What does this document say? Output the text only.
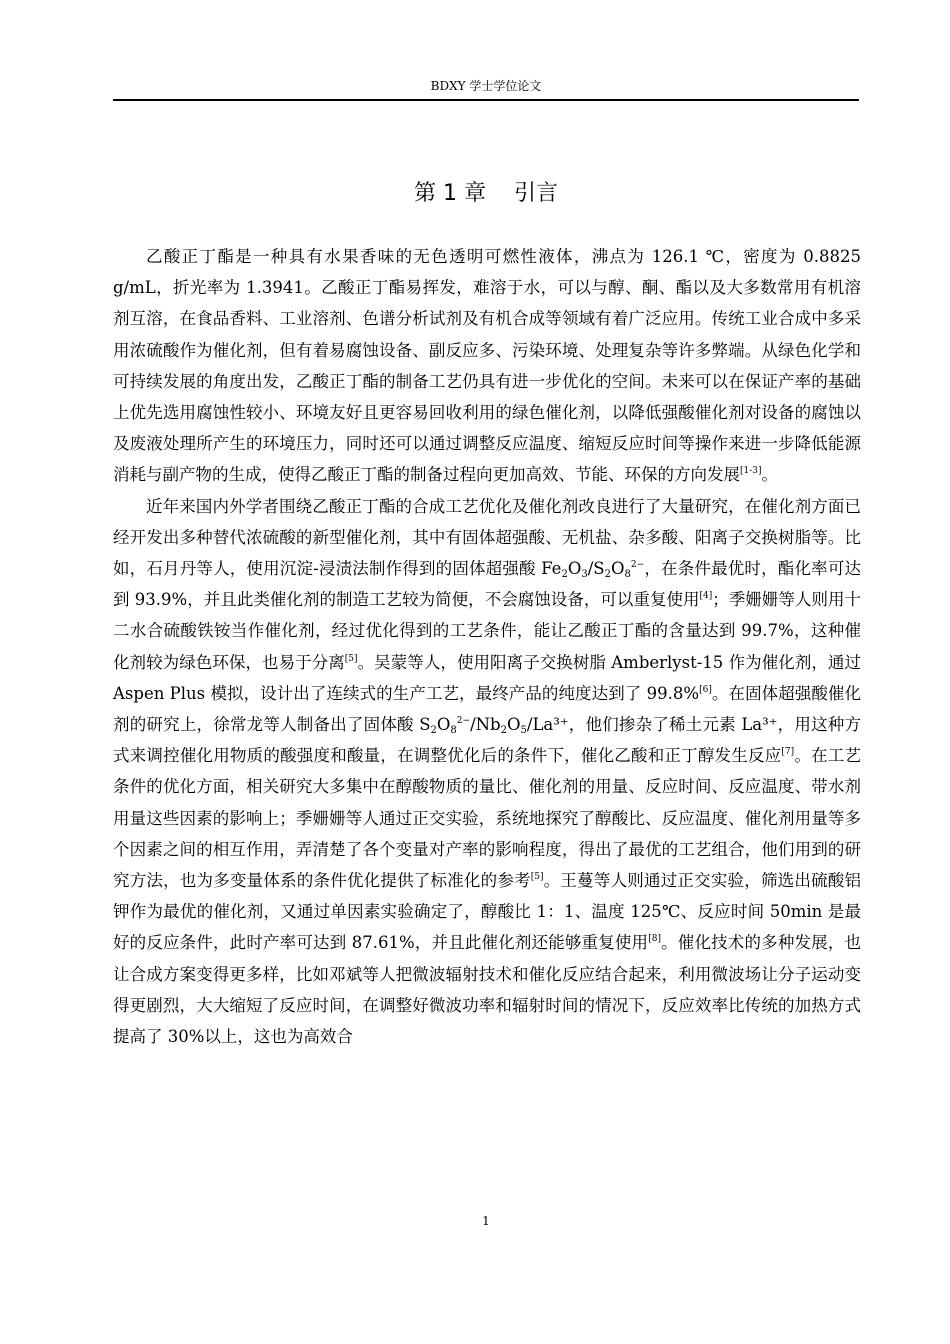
BDXY 学士学位论文
第 1 章 引言

乙酸正丁酯是一种具有水果香味的无色透明可燃性液体，沸点为 126.1 ℃，密度为 0.8825 g/mL，折光率为 1.3941。乙酸正丁酯易挥发，难溶于水，可以与醇、酮、酯以及大多数常用有机溶剂互溶，在食品香料、工业溶剂、色谱分析试剂及有机合成等领域有着广泛应用。传统工业合成中多采用浓硫酸作为催化剂，但有着易腐蚀设备、副反应多、污染环境、处理复杂等许多弊端。从绿色化学和可持续发展的角度出发，乙酸正丁酯的制备工艺仍具有进一步优化的空间。未来可以在保证产率的基础上优先选用腐蚀性较小、环境友好且更容易回收利用的绿色催化剂，以降低强酸催化剂对设备的腐蚀以及废液处理所产生的环境压力，同时还可以通过调整反应温度、缩短反应时间等操作来进一步降低能源消耗与副产物的生成，使得乙酸正丁酯的制备过程向更加高效、节能、环保的方向发展[1-3]。

近年来国内外学者围绕乙酸正丁酯的合成工艺优化及催化剂改良进行了大量研究，在催化剂方面已经开发出多种替代浓硫酸的新型催化剂，其中有固体超强酸、无机盐、杂多酸、阳离子交换树脂等。比如，石月丹等人，使用沉淀-浸渍法制作得到的固体超强酸 $Fe_2O_3/S_2O_8^{2-}$，在条件最优时，酯化率可达到 93.9%，并且此类催化剂的制造工艺较为简便，不会腐蚀设备，可以重复使用[4]；季姗姗等人则用十二水合硫酸铁铵当作催化剂，经过优化得到的工艺条件，能让乙酸正丁酯的含量达到 99.7%，这种催化剂较为绿色环保，也易于分离[5]。吴蒙等人，使用阳离子交换树脂 Amberlyst-15 作为催化剂，通过 Aspen Plus 模拟，设计出了连续式的生产工艺，最终产品的纯度达到了 99.8%[6]。在固体超强酸催化剂的研究上，徐常龙等人制备出了固体酸 $S_2O_8^{2-}/Nb_2O_5/La^{3+}$，他们掺杂了稀土元素 La³⁺，用这种方式来调控催化用物质的酸强度和酸量，在调整优化后的条件下，催化乙酸和正丁醇发生反应[7]。在工艺条件的优化方面，相关研究大多集中在醇酸物质的量比、催化剂的用量、反应时间、反应温度、带水剂用量这些因素的影响上；季姗姗等人通过正交实验，系统地探究了醇酸比、反应温度、催化剂用量等多个因素之间的相互作用，弄清楚了各个变量对产率的影响程度，得出了最优的工艺组合，他们用到的研究方法，也为多变量体系的条件优化提供了标准化的参考[5]。王蔓等人则通过正交实验，筛选出硫酸铝钾作为最优的催化剂，又通过单因素实验确定了，醇酸比 1：1、温度 125℃、反应时间 50min 是最好的反应条件，此时产率可达到 87.61%，并且此催化剂还能够重复使用[8]。催化技术的多种发展，也让合成方案变得更多样，比如邓斌等人把微波辐射技术和催化反应结合起来，利用微波场让分子运动变得更剧烈，大大缩短了反应时间，在调整好微波功率和辐射时间的情况下，反应效率比传统的加热方式提高了 30%以上，这也为高效合

1
